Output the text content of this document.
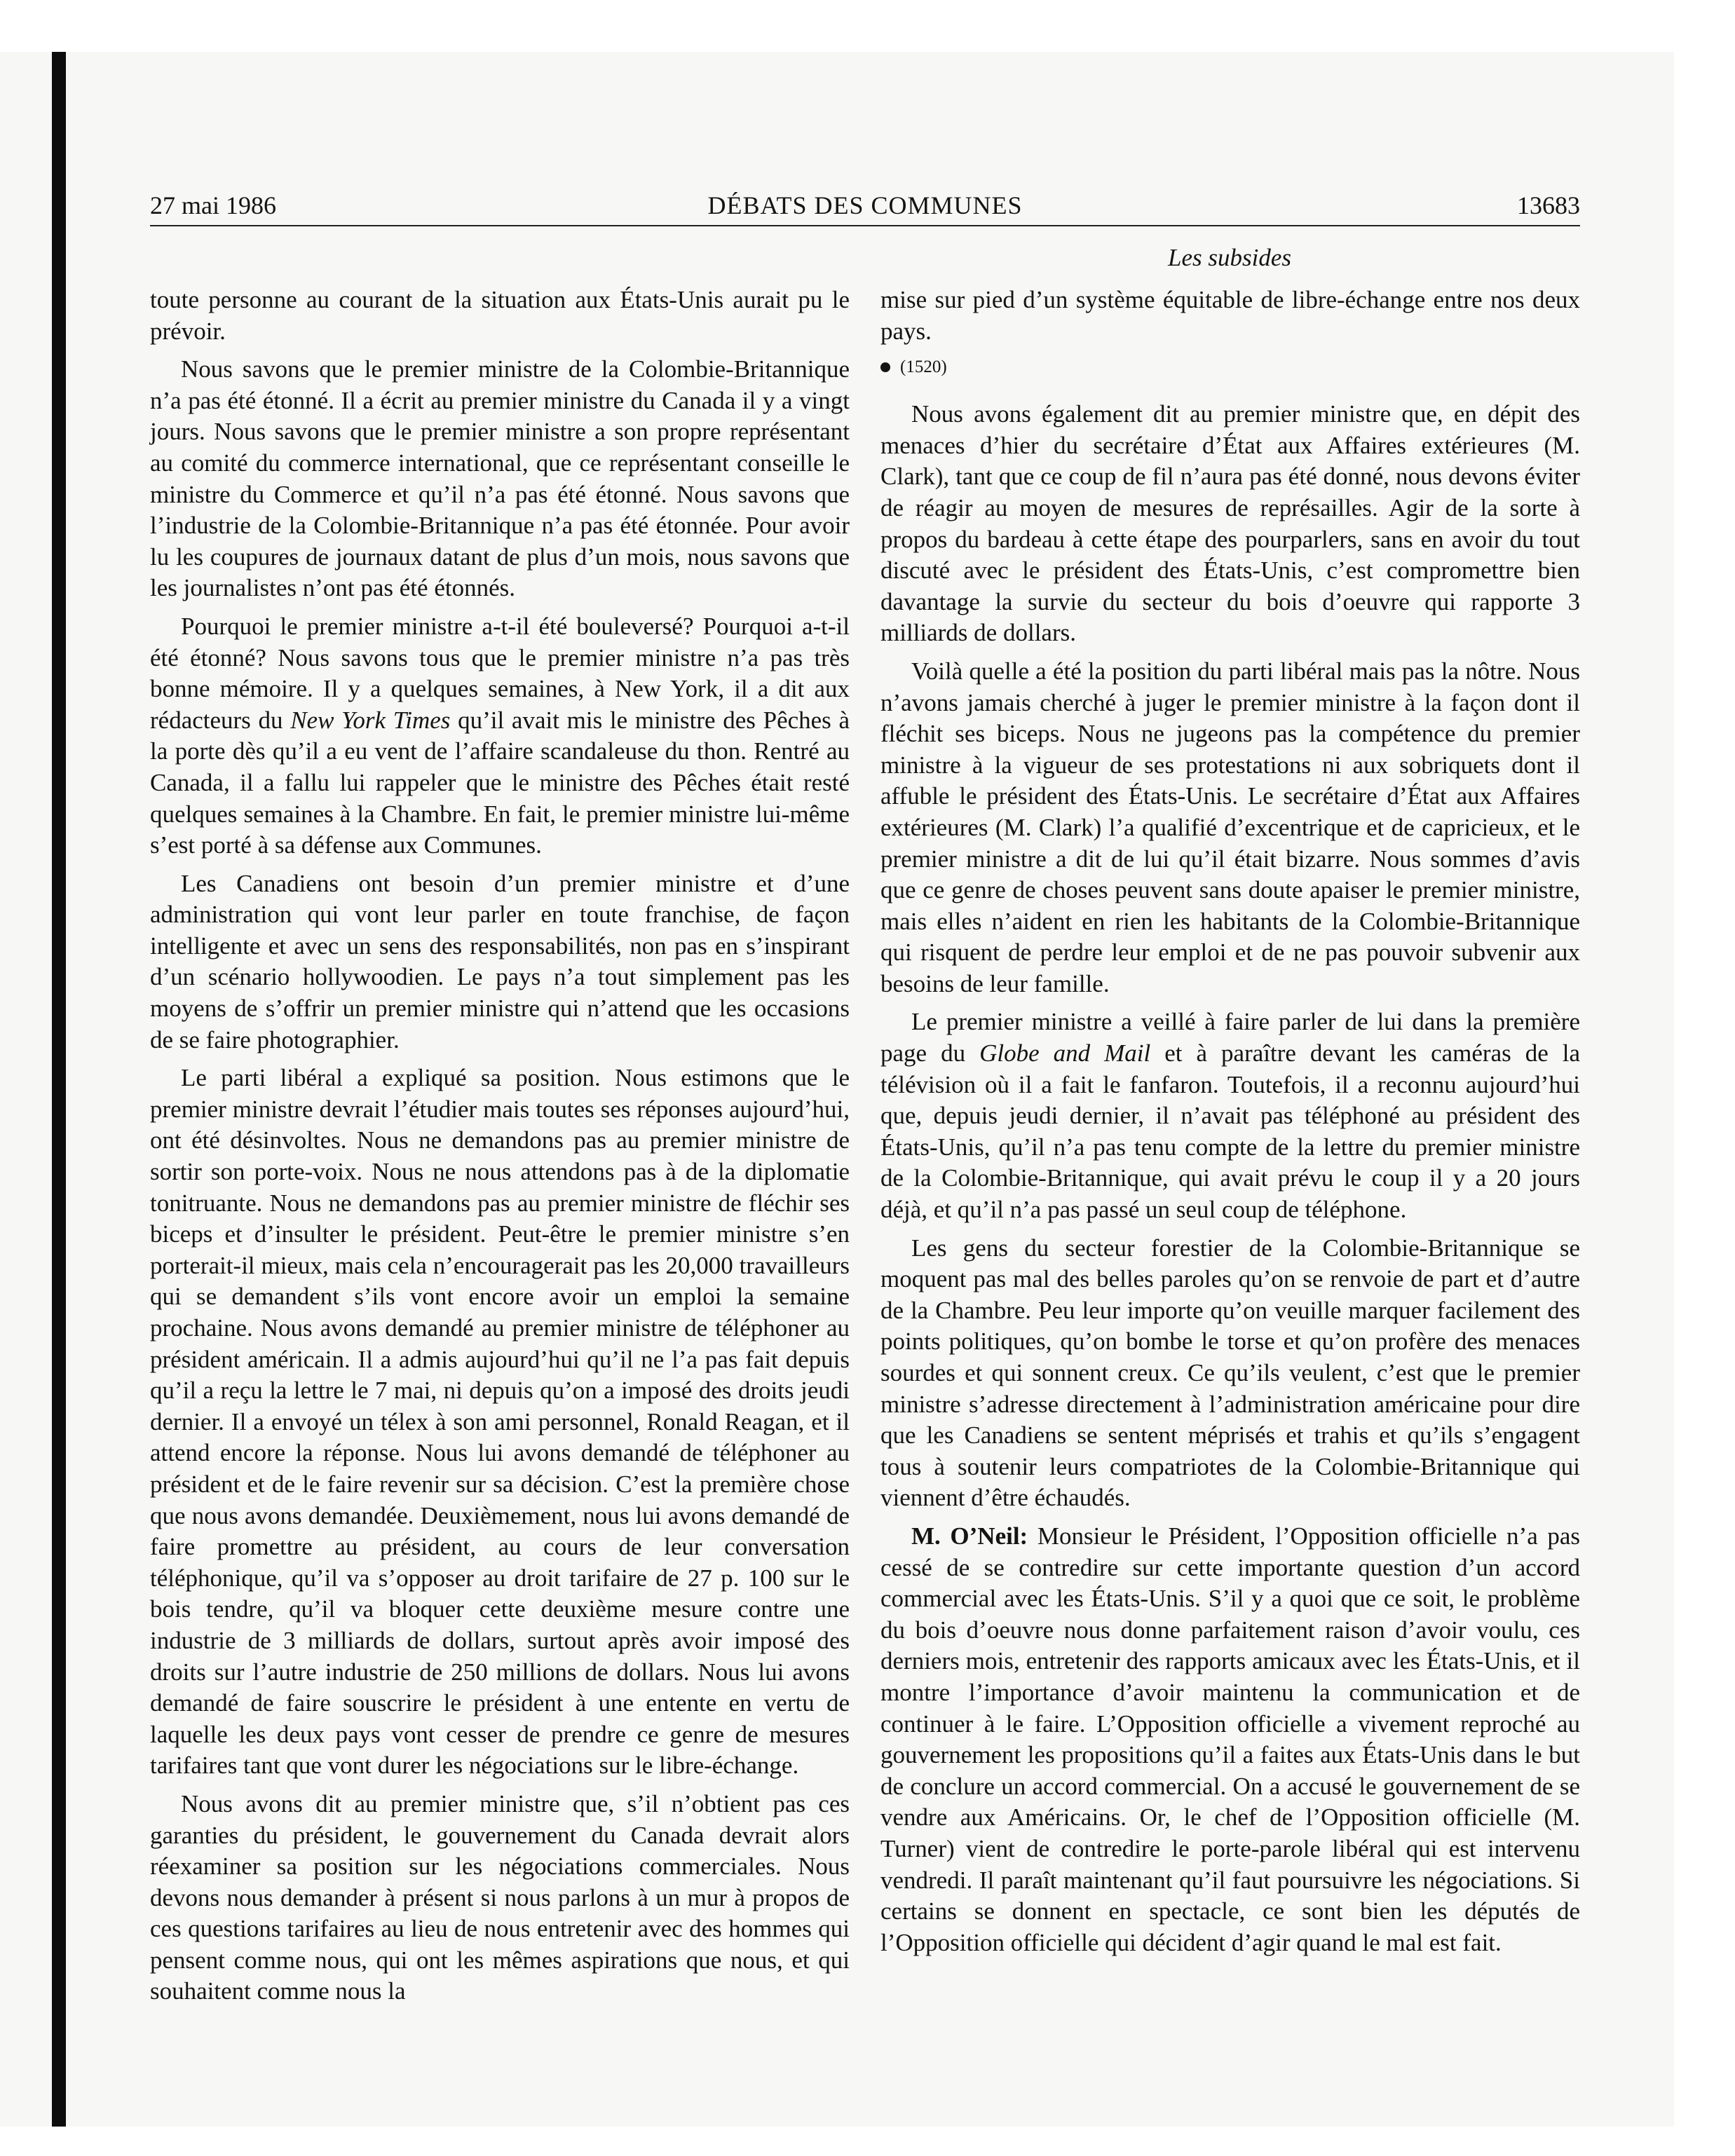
DÉBATS DES COMMUNES
27 mai 1986	13683
Les subsides

toute personne au courant de la situation aux États-Unis aurait pu le prévoir.

Nous savons que le premier ministre de la Colombie-Britannique n’a pas été étonné. Il a écrit au premier ministre du Canada il y a vingt jours. Nous savons que le premier ministre a son propre représentant au comité du commerce international, que ce représentant conseille le ministre du Commerce et qu’il n’a pas été étonné. Nous savons que l’industrie de la Colombie-Britannique n’a pas été étonnée. Pour avoir lu les coupures de journaux datant de plus d’un mois, nous savons que les journalistes n’ont pas été étonnés.

Pourquoi le premier ministre a-t-il été bouleversé? Pourquoi a-t-il été étonné? Nous savons tous que le premier ministre n’a pas très bonne mémoire. Il y a quelques semaines, à New York, il a dit aux rédacteurs du New York Times qu’il avait mis le ministre des Pêches à la porte dès qu’il a eu vent de l’affaire scandaleuse du thon. Rentré au Canada, il a fallu lui rappeler que le ministre des Pêches était resté quelques semaines à la Chambre. En fait, le premier ministre lui-même s’est porté à sa défense aux Communes.

Les Canadiens ont besoin d’un premier ministre et d’une administration qui vont leur parler en toute franchise, de façon intelligente et avec un sens des responsabilités, non pas en s’inspirant d’un scénario hollywoodien. Le pays n’a tout simplement pas les moyens de s’offrir un premier ministre qui n’attend que les occasions de se faire photographier.

Le parti libéral a expliqué sa position. Nous estimons que le premier ministre devrait l’étudier mais toutes ses réponses aujourd’hui, ont été désinvoltes. Nous ne demandons pas au premier ministre de sortir son porte-voix. Nous ne nous attendons pas à de la diplomatie tonitruante. Nous ne demandons pas au premier ministre de fléchir ses biceps et d’insulter le président. Peut-être le premier ministre s’en porterait-il mieux, mais cela n’encouragerait pas les 20,000 travailleurs qui se demandent s’ils vont encore avoir un emploi la semaine prochaine. Nous avons demandé au premier ministre de téléphoner au président américain. Il a admis aujourd’hui qu’il ne l’a pas fait depuis qu’il a reçu la lettre le 7 mai, ni depuis qu’on a imposé des droits jeudi dernier. Il a envoyé un télex à son ami personnel, Ronald Reagan, et il attend encore la réponse. Nous lui avons demandé de téléphoner au président et de le faire revenir sur sa décision. C’est la première chose que nous avons demandée. Deuxièmement, nous lui avons demandé de faire promettre au président, au cours de leur conversation téléphonique, qu’il va s’opposer au droit tarifaire de 27 p. 100 sur le bois tendre, qu’il va bloquer cette deuxième mesure contre une industrie de 3 milliards de dollars, surtout après avoir imposé des droits sur l’autre industrie de 250 millions de dollars. Nous lui avons demandé de faire souscrire le président à une entente en vertu de laquelle les deux pays vont cesser de prendre ce genre de mesures tarifaires tant que vont durer les négociations sur le libre-échange.

Nous avons dit au premier ministre que, s’il n’obtient pas ces garanties du président, le gouvernement du Canada devrait alors réexaminer sa position sur les négociations commerciales. Nous devons nous demander à présent si nous parlons à un mur à propos de ces questions tarifaires au lieu de nous entretenir avec des hommes qui pensent comme nous, qui ont les mêmes aspirations que nous, et qui souhaitent comme nous la

mise sur pied d’un système équitable de libre-échange entre nos deux pays.

(1520)

Nous avons également dit au premier ministre que, en dépit des menaces d’hier du secrétaire d’État aux Affaires extérieures (M. Clark), tant que ce coup de fil n’aura pas été donné, nous devons éviter de réagir au moyen de mesures de représailles. Agir de la sorte à propos du bardeau à cette étape des pourparlers, sans en avoir du tout discuté avec le président des États-Unis, c’est compromettre bien davantage la survie du secteur du bois d’oeuvre qui rapporte 3 milliards de dollars.

Voilà quelle a été la position du parti libéral mais pas la nôtre. Nous n’avons jamais cherché à juger le premier ministre à la façon dont il fléchit ses biceps. Nous ne jugeons pas la compétence du premier ministre à la vigueur de ses protestations ni aux sobriquets dont il affuble le président des États-Unis. Le secrétaire d’État aux Affaires extérieures (M. Clark) l’a qualifié d’excentrique et de capricieux, et le premier ministre a dit de lui qu’il était bizarre. Nous sommes d’avis que ce genre de choses peuvent sans doute apaiser le premier ministre, mais elles n’aident en rien les habitants de la Colombie-Britannique qui risquent de perdre leur emploi et de ne pas pouvoir subvenir aux besoins de leur famille.

Le premier ministre a veillé à faire parler de lui dans la première page du Globe and Mail et à paraître devant les caméras de la télévision où il a fait le fanfaron. Toutefois, il a reconnu aujourd’hui que, depuis jeudi dernier, il n’avait pas téléphoné au président des États-Unis, qu’il n’a pas tenu compte de la lettre du premier ministre de la Colombie-Britannique, qui avait prévu le coup il y a 20 jours déjà, et qu’il n’a pas passé un seul coup de téléphone.

Les gens du secteur forestier de la Colombie-Britannique se moquent pas mal des belles paroles qu’on se renvoie de part et d’autre de la Chambre. Peu leur importe qu’on veuille marquer facilement des points politiques, qu’on bombe le torse et qu’on profère des menaces sourdes et qui sonnent creux. Ce qu’ils veulent, c’est que le premier ministre s’adresse directement à l’administration américaine pour dire que les Canadiens se sentent méprisés et trahis et qu’ils s’engagent tous à soutenir leurs compatriotes de la Colombie-Britannique qui viennent d’être échaudés.

M. O’Neil: Monsieur le Président, l’Opposition officielle n’a pas cessé de se contredire sur cette importante question d’un accord commercial avec les États-Unis. S’il y a quoi que ce soit, le problème du bois d’oeuvre nous donne parfaitement raison d’avoir voulu, ces derniers mois, entretenir des rapports amicaux avec les États-Unis, et il montre l’importance d’avoir maintenu la communication et de continuer à le faire. L’Opposition officielle a vivement reproché au gouvernement les propositions qu’il a faites aux États-Unis dans le but de conclure un accord commercial. On a accusé le gouvernement de se vendre aux Américains. Or, le chef de l’Opposition officielle (M. Turner) vient de contredire le porte-parole libéral qui est intervenu vendredi. Il paraît maintenant qu’il faut poursuivre les négociations. Si certains se donnent en spectacle, ce sont bien les députés de l’Opposition officielle qui décident d’agir quand le mal est fait.
